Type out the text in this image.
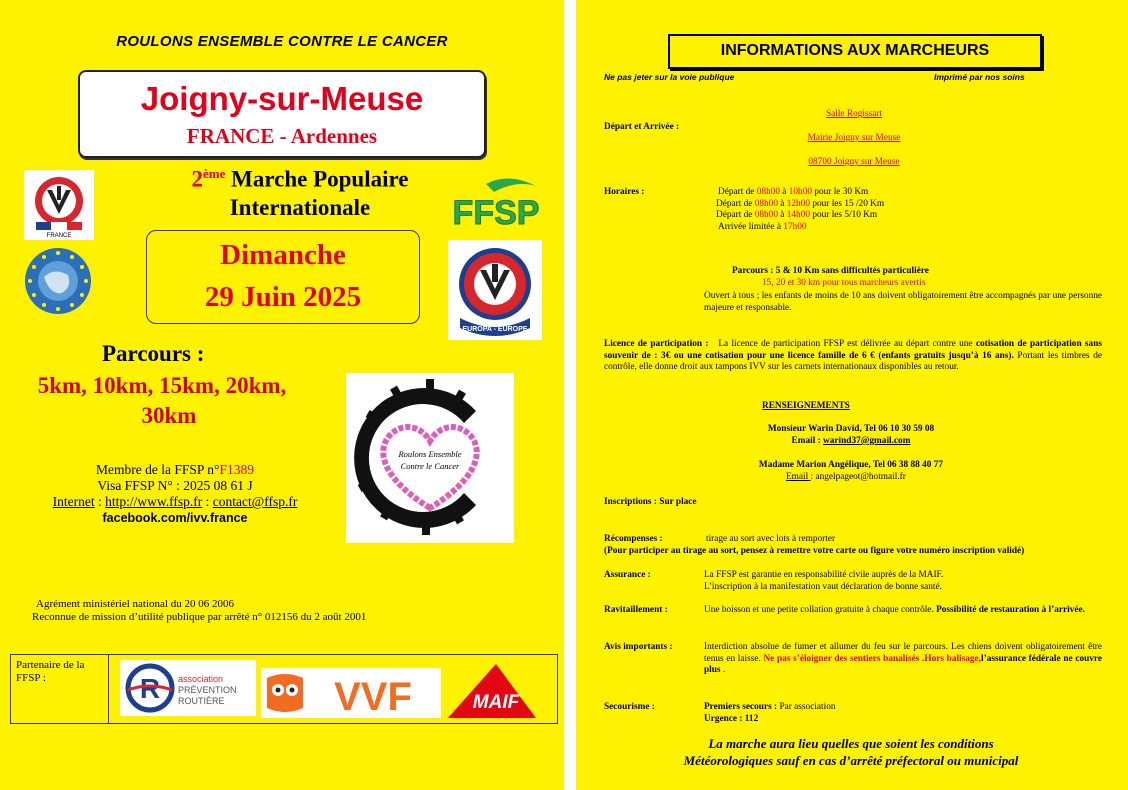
ROULONS ENSEMBLE CONTRE LE CANCER
Joigny-sur-Meuse
FRANCE - Ardennes
2ème Marche Populaire
Internationale
FRANCE
FFSP
EUROPA - EUROPE
Dimanche
29 Juin 2025
Parcours :
5km, 10km, 15km, 20km,
30km
Roulons Ensemble
Contre le Cancer
Membre de la FFSP n°F1389
Visa FFSP N° : 2025 08 61 J
Internet : http://www.ffsp.fr : contact@ffsp.fr
facebook.com/ivv.france
Agrément ministériel national du 20 06 2006
Reconnue de mission d’utilité publique par arrêté n° 012156 du 2 août 2001
Partenaire de la FFSP :	R association
PRÉVENTION
ROUTIÈRE	VVF	MAIF
INFORMATIONS AUX MARCHEURS
Ne pas jeter sur la voie publique	Imprimé par nos soins
Salle Rogissart
Départ et Arrivée :
Mairie Joigny sur Meuse
08700 Joigny sur Meuse
Horaires :	Départ de 08h00 à 10h00 pour le 30 Km
Départ de 08h00 à 12h00 pour les 15 /20 Km
Départ de 08h00 à 14h00 pour les 5/10 Km
Arrivée limitée à 17h00
Parcours : 5 & 10 Km sans difficultés particulière
15, 20 et 30 km pour tous marcheurs avertis
Ouvert à tous ; les enfants de moins de 10 ans doivent obligatoirement être accompagnés par une personne majeure et responsable.
Licence de participation : La licence de participation FFSP est délivrée au départ contre une cotisation de participation sans souvenir de : 3€ ou une cotisation pour une licence famille de 6 € (enfants gratuits jusqu’à 16 ans). Portant les timbres de contrôle, elle donne droit aux tampons IVV sur les carnets internationaux disponibles au retour.
RENSEIGNEMENTS
Monsieur Warin David, Tel 06 10 30 59 08
Email : warind37@gmail.com
Madame Marion Angélique, Tel 06 38 88 40 77
Email : angelpageot@hotmail.fr
Inscriptions : Sur place
Récompenses :	tirage au sort avec lots à remporter
(Pour participer au tirage au sort, pensez à remettre votre carte ou figure votre numéro inscription validé)
Assurance :	La FFSP est garantie en responsabilité civile auprès de la MAIF.
L’inscription à la manifestation vaut déclaration de bonne santé.
Ravitaillement :	Une boisson et une petite collation gratuite à chaque contrôle. Possibilité de restauration à l’arrivée.
Avis importants :	Interdiction absolue de fumer et allumer du feu sur le parcours. Les chiens doivent obligatoirement être tenus en laisse. Ne pas s’éloigner des sentiers banalisés .Hors balisage,l’assurance fédérale ne couvre plus .
Secourisme :	Premiers secours : Par association
Urgence : 112
La marche aura lieu quelles que soient les conditions
Météorologiques sauf en cas d’arrêté préfectoral ou municipal
